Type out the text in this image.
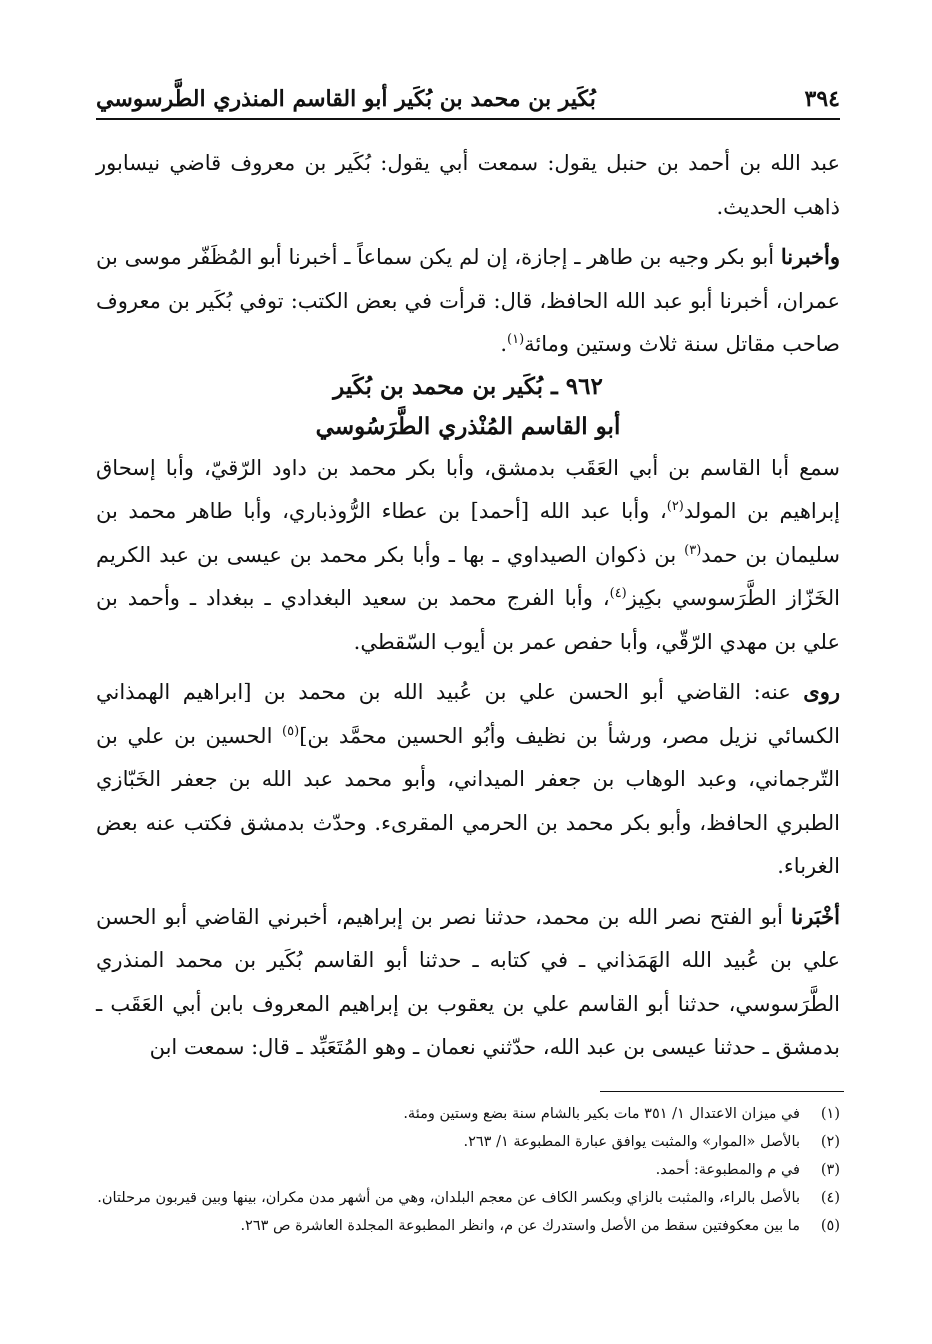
٣٩٤
بُكَير بن محمد بن بُكَير أبو القاسم المنذري الطَّرسوسي

عبد الله بن أحمد بن حنبل يقول: سمعت أبي يقول: بُكَير بن معروف قاضي نيسابور ذاهب الحديث.

وأخبرنا أبو بكر وجيه بن طاهر ـ إجازة، إن لم يكن سماعاً ـ أخبرنا أبو المُظَفّر موسى بن عمران، أخبرنا أبو عبد الله الحافظ، قال: قرأت في بعض الكتب: توفي بُكَير بن معروف صاحب مقاتل سنة ثلاث وستين ومائة$^{(١)}$.

٩٦٢ ـ بُكَير بن محمد بن بُكَير
أبو القاسم المُنْذري الطَّرَسُوسي

سمع أبا القاسم بن أبي العَقَب بدمشق، وأبا بكر محمد بن داود الرّقيّ، وأبا إسحاق إبراهيم بن المولد$^{(٢)}$، وأبا عبد الله [أحمد] بن عطاء الرُّوذباري، وأبا طاهر محمد بن سليمان بن حمد$^{(٣)}$ بن ذكوان الصيداوي ـ بها ـ وأبا بكر محمد بن عيسى بن عبد الكريم الخَزّاز الطَّرَسوسي بكِيز$^{(٤)}$، وأبا الفرج محمد بن سعيد البغدادي ـ ببغداد ـ وأحمد بن علي بن مهدي الرّقّي، وأبا حفص عمر بن أيوب السّقطي.

روى عنه: القاضي أبو الحسن علي بن عُبيد الله بن محمد بن [ابراهيم الهمذاني الكسائي نزيل مصر، ورشأ بن نظيف وأبُو الحسين محمَّد بن]$^{(٥)}$ الحسين بن علي بن التّرجماني، وعبد الوهاب بن جعفر الميداني، وأبو محمد عبد الله بن جعفر الخَبّازي الطبري الحافظ، وأبو بكر محمد بن الحرمي المقرىء. وحدّث بدمشق فكتب عنه بعض الغرباء.

أخْبَرنا أبو الفتح نصر الله بن محمد، حدثنا نصر بن إبراهيم، أخبرني القاضي أبو الحسن علي بن عُبيد الله الهَمَذاني ـ في كتابه ـ حدثنا أبو القاسم بُكَير بن محمد المنذري الطَّرَسوسي، حدثنا أبو القاسم علي بن يعقوب بن إبراهيم المعروف بابن أبي العَقَب ـ بدمشق ـ حدثنا عيسى بن عبد الله، حدّثني نعمان ـ وهو المُتَعَبِّد ـ قال: سمعت ابن

(١)
في ميزان الاعتدال ١/ ٣٥١ مات بكير بالشام سنة بضع وستين ومئة.
(٢)
بالأصل «الموار» والمثبت يوافق عبارة المطبوعة ١/ ٢٦٣.
(٣)
في م والمطبوعة: أحمد.
(٤)
بالأصل بالراء، والمثبت بالزاي وبكسر الكاف عن معجم البلدان، وهي من أشهر مدن مكران، بينها وبين قيربون مرحلتان.
(٥)
ما بين معكوفتين سقط من الأصل واستدرك عن م، وانظر المطبوعة المجلدة العاشرة ص ٢٦٣.
